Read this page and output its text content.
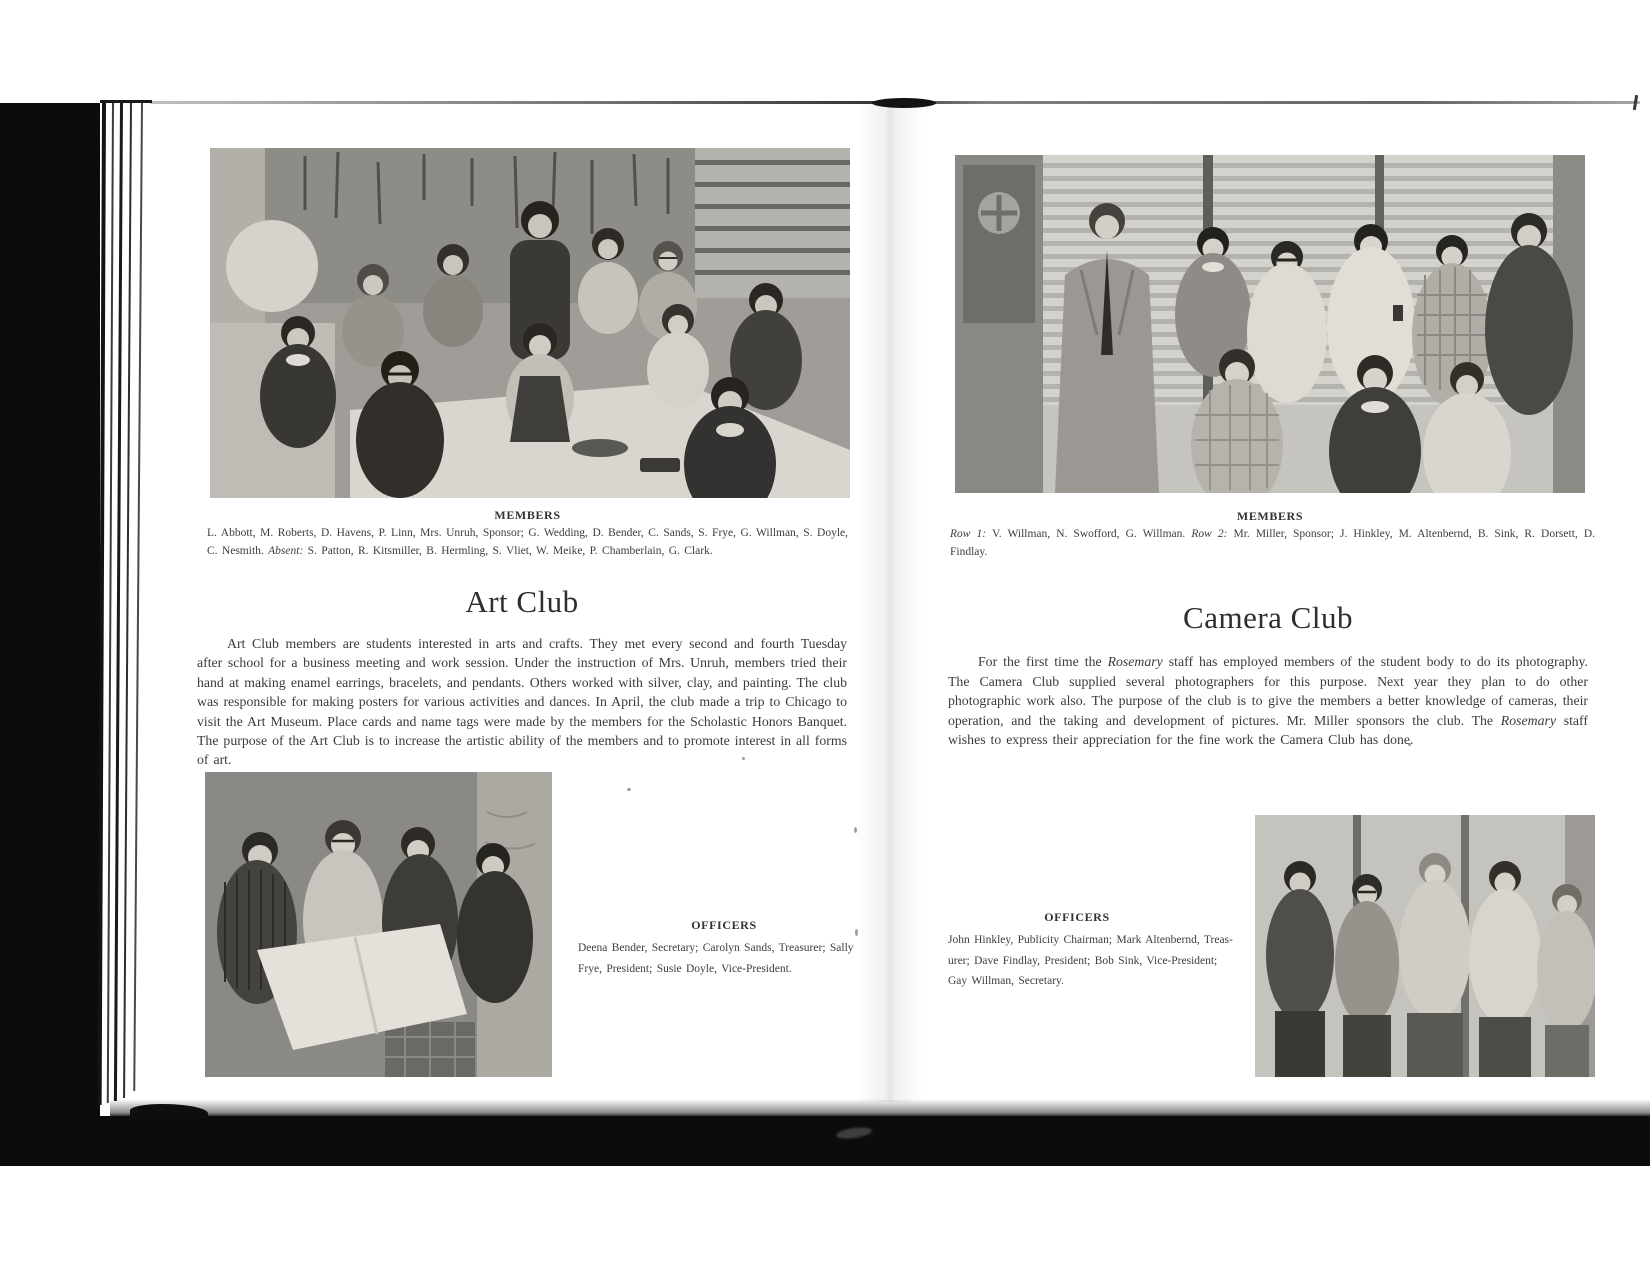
MEMBERS
L. Abbott, M. Roberts, D. Havens, P. Linn, Mrs. Unruh, Sponsor; G. Wedding, D. Bender, C. Sands, S. Frye, G. Willman, S. Doyle, C. Nesmith. Absent: S. Patton, R. Kitsmiller, B. Hermling, S. Vliet, W. Meike, P. Chamberlain, G. Clark.
Art Club
Art Club members are students interested in arts and crafts. They met every second and fourth Tuesday after school for a business meeting and work session. Under the instruction of Mrs. Unruh, members tried their hand at making enamel earrings, bracelets, and pendants. Others worked with silver, clay, and painting. The club was responsible for making posters for various activities and dances. In April, the club made a trip to Chicago to visit the Art Museum. Place cards and name tags were made by the members for the Scholastic Honors Banquet. The purpose of the Art Club is to increase the artistic ability of the members and to promote interest in all forms of art.
OFFICERS
Deena Bender, Secretary; Carolyn Sands, Treasurer; Sally
Frye, President; Susie Doyle, Vice-President.
MEMBERS
Row 1: V. Willman, N. Swofford, G. Willman. Row 2: Mr. Miller, Sponsor; J. Hinkley, M. Altenbernd, B. Sink, R. Dorsett, D. Findlay.
Camera Club
For the first time the Rosemary staff has employed members of the student body to do its photography. The Camera Club supplied several photographers for this purpose. Next year they plan to do other photographic work also. The purpose of the club is to give the members a better knowledge of cameras, their operation, and the taking and development of pictures. Mr. Miller sponsors the club. The Rosemary staff wishes to express their appreciation for the fine work the Camera Club has done.
OFFICERS
John Hinkley, Publicity Chairman; Mark Altenbernd, Treas-
urer; Dave Findlay, President; Bob Sink, Vice-President;
Gay Willman, Secretary.
